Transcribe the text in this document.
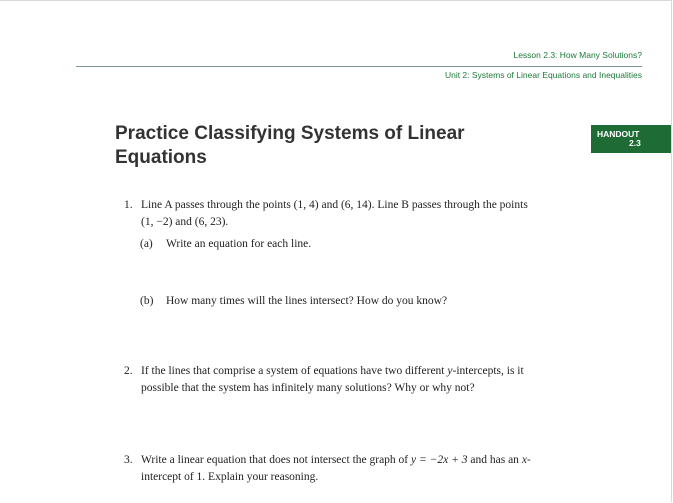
Lesson 2.3: How Many Solutions?
Unit 2: Systems of Linear Equations and Inequalities
Practice Classifying Systems of Linear Equations
HANDOUT
2.3
1. Line A passes through the points (1, 4) and (6, 14). Line B passes through the points (1, −2) and (6, 23).
(a) Write an equation for each line.
(b) How many times will the lines intersect? How do you know?
2. If the lines that comprise a system of equations have two different y-intercepts, is it possible that the system has infinitely many solutions? Why or why not?
3. Write a linear equation that does not intersect the graph of y = −2x + 3 and has an x-intercept of 1. Explain your reasoning.
